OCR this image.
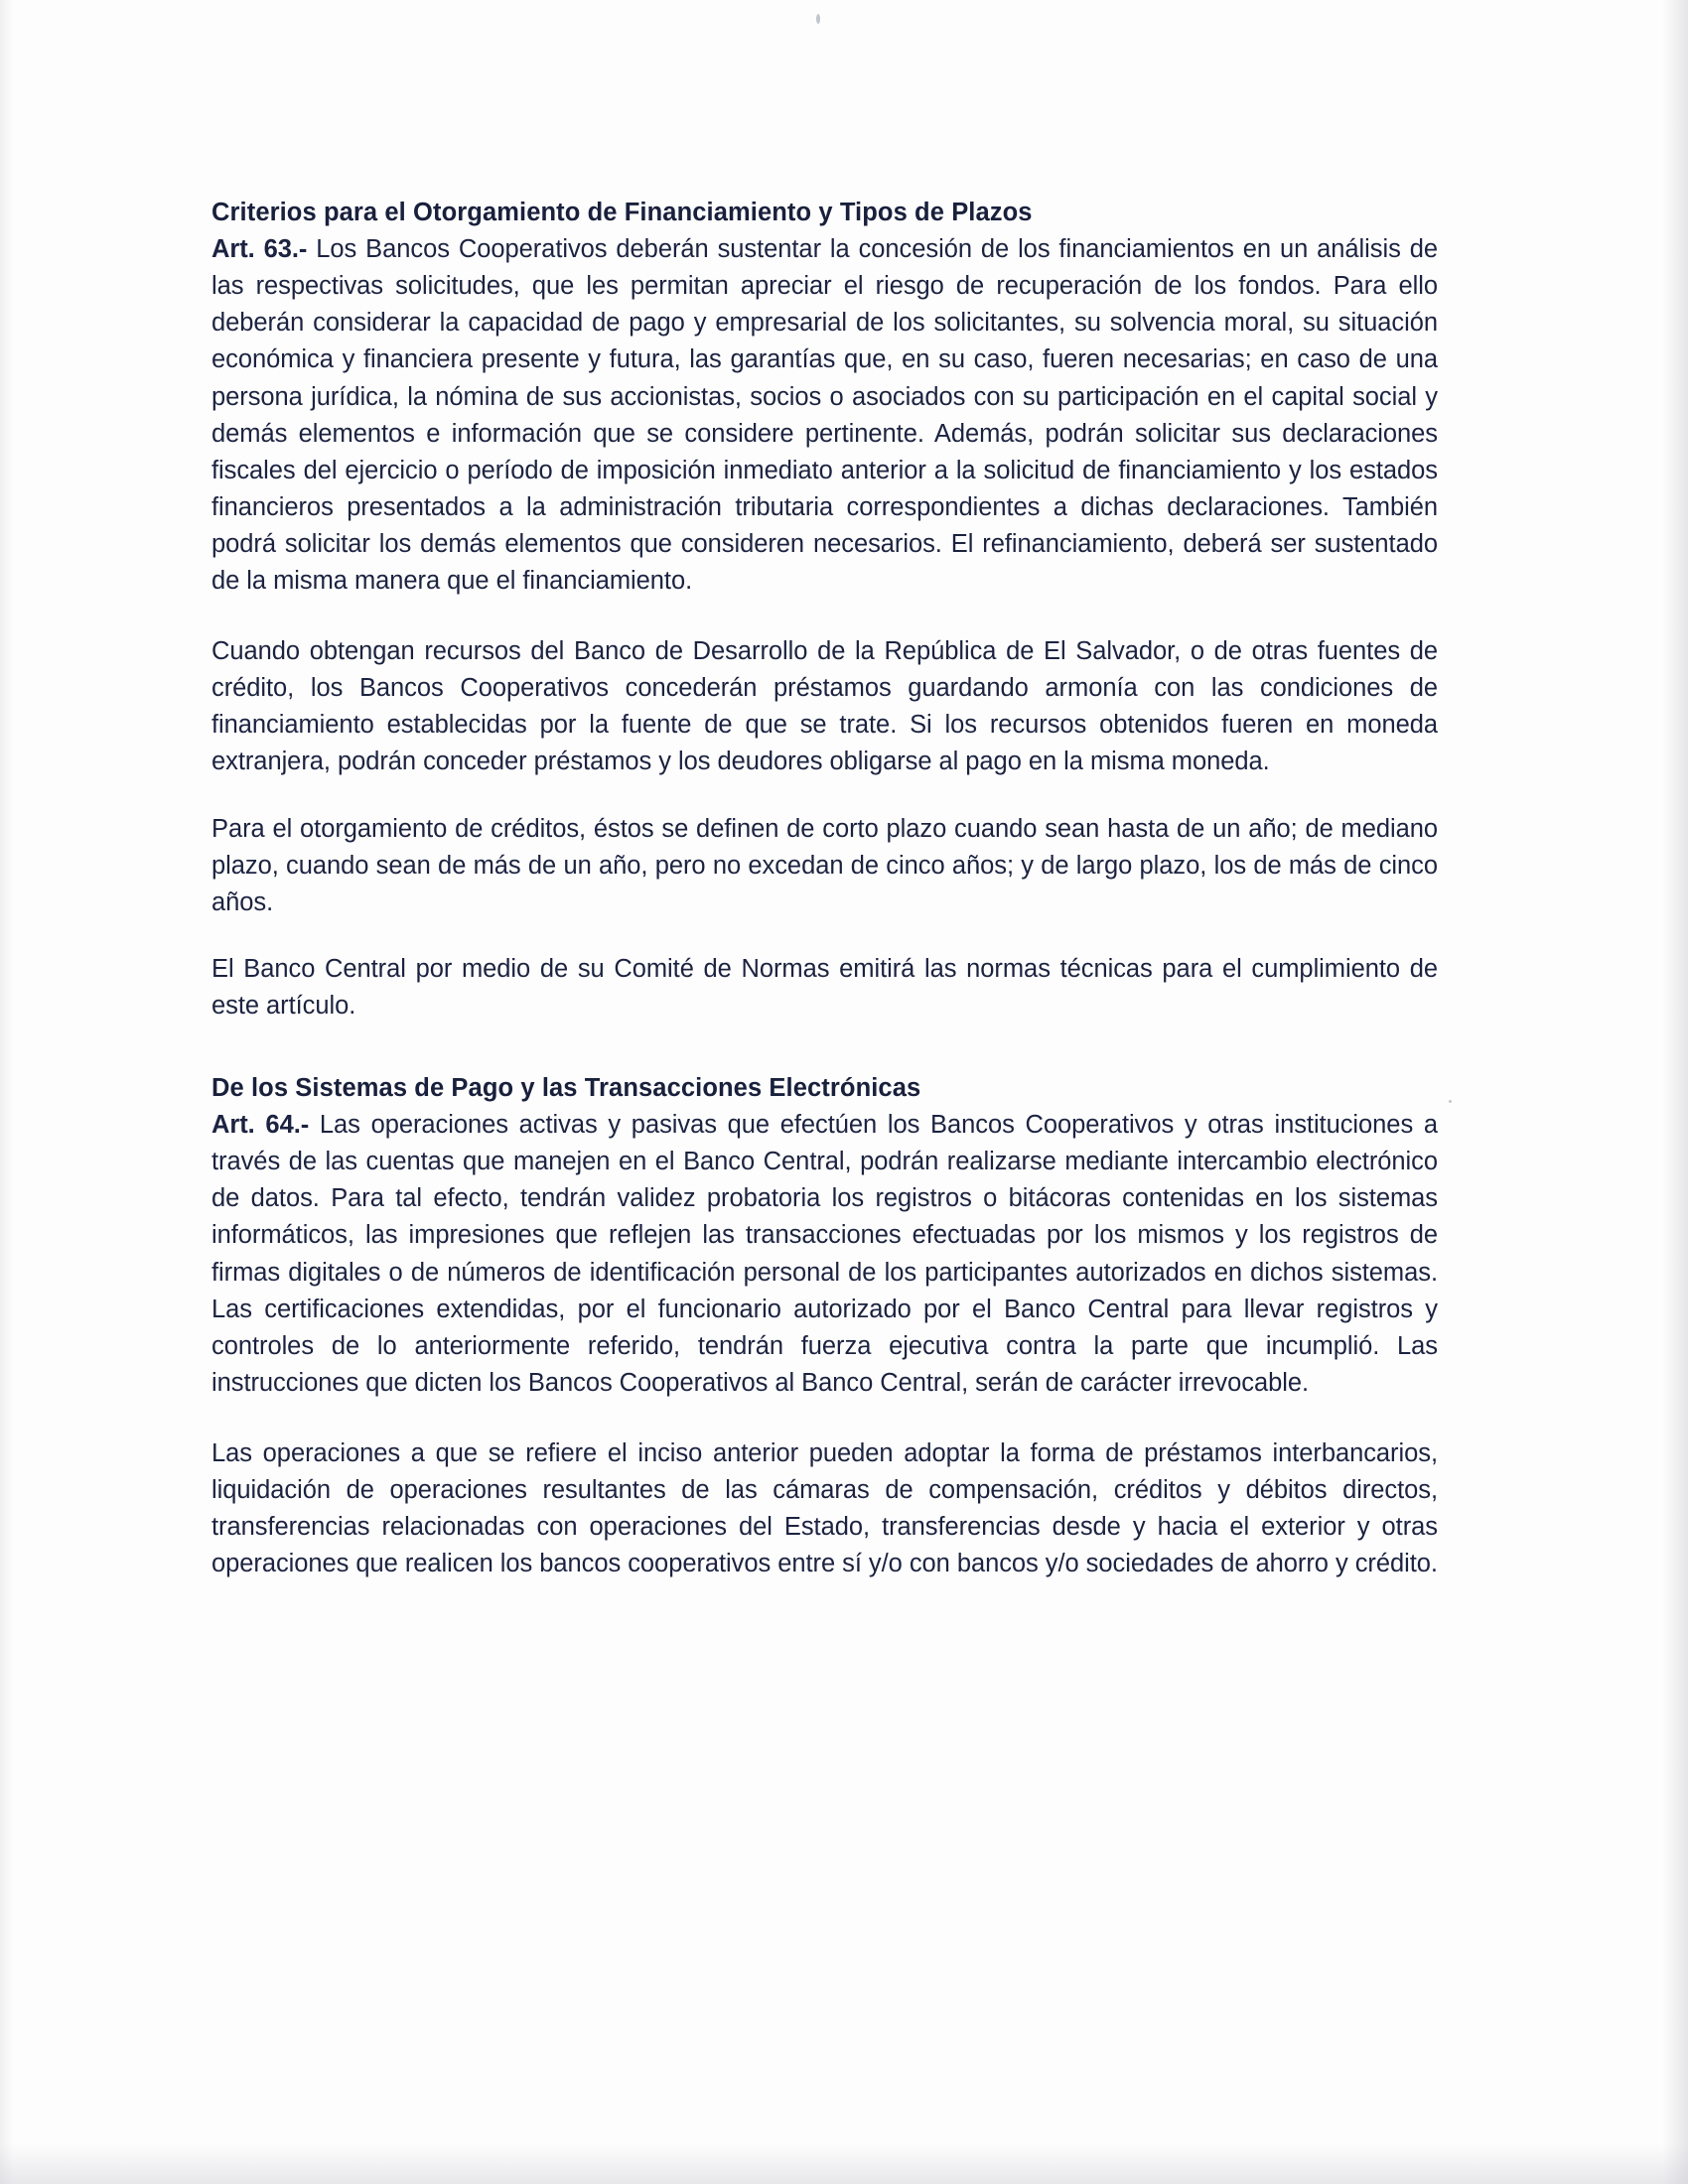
Criterios para el Otorgamiento de Financiamiento y Tipos de Plazos

Art. 63.- Los Bancos Cooperativos deberán sustentar la concesión de los financiamientos en un análisis de las respectivas solicitudes, que les permitan apreciar el riesgo de recuperación de los fondos. Para ello deberán considerar la capacidad de pago y empresarial de los solicitantes, su solvencia moral, su situación económica y financiera presente y futura, las garantías que, en su caso, fueren necesarias; en caso de una persona jurídica, la nómina de sus accionistas, socios o asociados con su participación en el capital social y demás elementos e información que se considere pertinente. Además, podrán solicitar sus declaraciones fiscales del ejercicio o período de imposición inmediato anterior a la solicitud de financiamiento y los estados financieros presentados a la administración tributaria correspondientes a dichas declaraciones. También podrá solicitar los demás elementos que consideren necesarios. El refinanciamiento, deberá ser sustentado de la misma manera que el financiamiento.

Cuando obtengan recursos del Banco de Desarrollo de la República de El Salvador, o de otras fuentes de crédito, los Bancos Cooperativos concederán préstamos guardando armonía con las condiciones de financiamiento establecidas por la fuente de que se trate. Si los recursos obtenidos fueren en moneda extranjera, podrán conceder préstamos y los deudores obligarse al pago en la misma moneda.

Para el otorgamiento de créditos, éstos se definen de corto plazo cuando sean hasta de un año; de mediano plazo, cuando sean de más de un año, pero no excedan de cinco años; y de largo plazo, los de más de cinco años.

El Banco Central por medio de su Comité de Normas emitirá las normas técnicas para el cumplimiento de este artículo.

De los Sistemas de Pago y las Transacciones Electrónicas

Art. 64.- Las operaciones activas y pasivas que efectúen los Bancos Cooperativos y otras instituciones a través de las cuentas que manejen en el Banco Central, podrán realizarse mediante intercambio electrónico de datos. Para tal efecto, tendrán validez probatoria los registros o bitácoras contenidas en los sistemas informáticos, las impresiones que reflejen las transacciones efectuadas por los mismos y los registros de firmas digitales o de números de identificación personal de los participantes autorizados en dichos sistemas. Las certificaciones extendidas, por el funcionario autorizado por el Banco Central para llevar registros y controles de lo anteriormente referido, tendrán fuerza ejecutiva contra la parte que incumplió. Las instrucciones que dicten los Bancos Cooperativos al Banco Central, serán de carácter irrevocable.

Las operaciones a que se refiere el inciso anterior pueden adoptar la forma de préstamos interbancarios, liquidación de operaciones resultantes de las cámaras de compensación, créditos y débitos directos, transferencias relacionadas con operaciones del Estado, transferencias desde y hacia el exterior y otras operaciones que realicen los bancos cooperativos entre sí y/o con bancos y/o sociedades de ahorro y crédito.
